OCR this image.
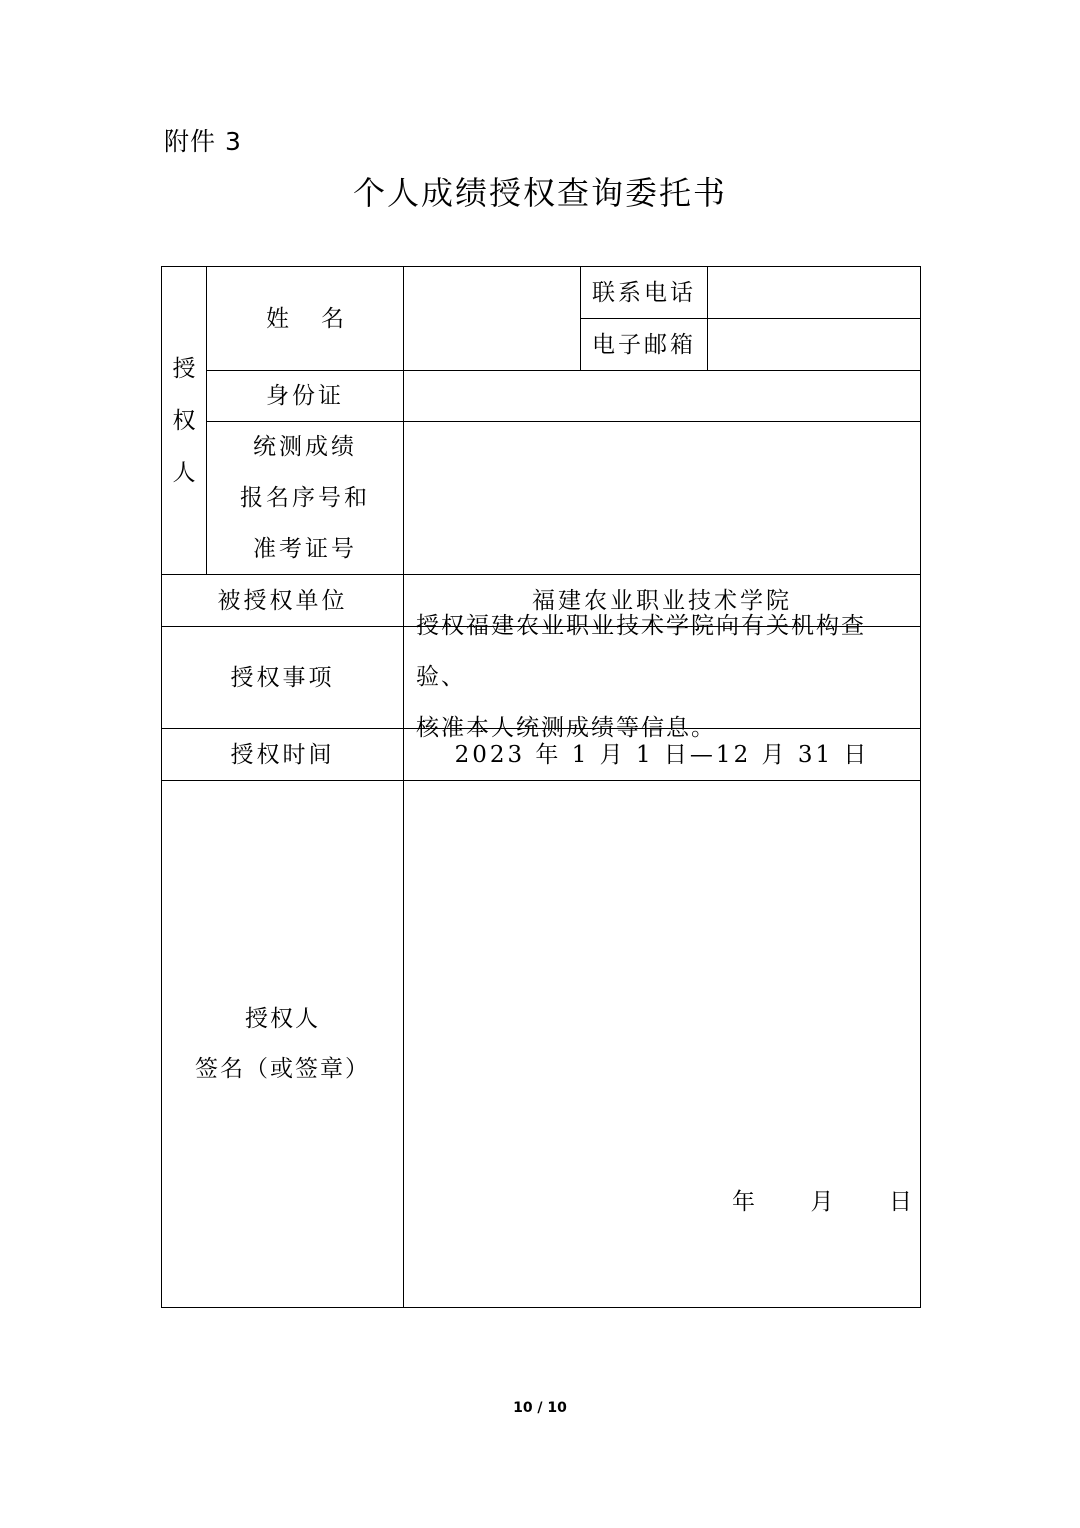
附件 3
个人成绩授权查询委托书
授
权
人
姓名
联系电话
电子邮箱
身份证
统测成绩
报名序号和
准考证号
被授权单位	福建农业职业技术学院
授权事项
授权福建农业职业技术学院向有关机构查验、
核准本人统测成绩等信息。
授权时间	2023 年 1 月 1 日—12 月 31 日
授权人
签名（或签章）
年 月 日
10 / 10
